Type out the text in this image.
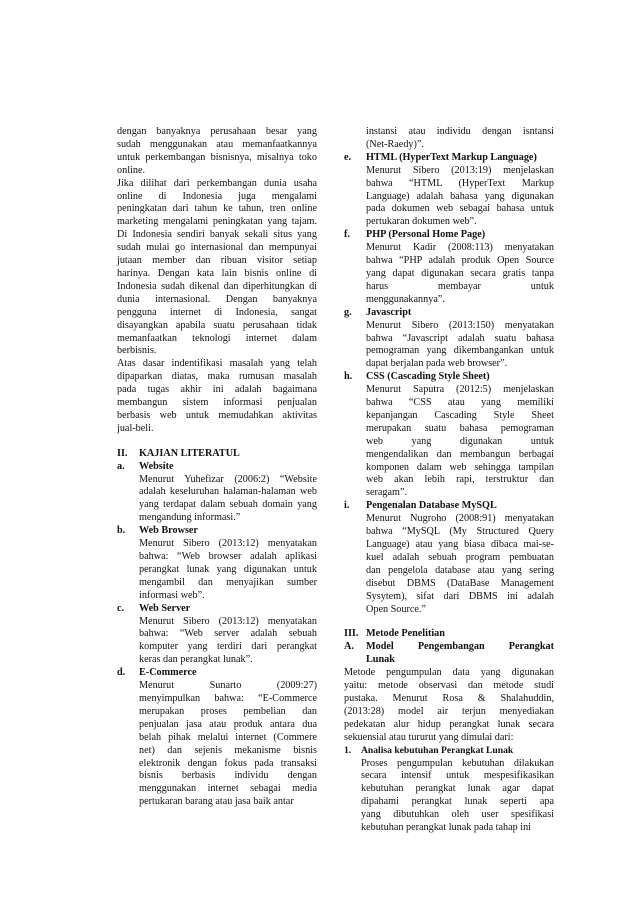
dengan banyaknya perusahaan besar yang

sudah menggunakan atau memanfaatkannya

untuk perkembangan bisnisnya, misalnya toko

online.

Jika dilihat dari perkembangan dunia usaha

online di Indonesia juga mengalami

peningkatan dari tahun ke tahun, tren online

marketing mengalami peningkatan yang tajam.

Di Indonesia sendiri banyak sekali situs yang

sudah mulai go internasional dan mempunyai

jutaan member dan ribuan visitor setiap

harinya. Dengan kata lain bisnis online di

Indonesia sudah dikenal dan diperhitungkan di

dunia internasional. Dengan banyaknya

pengguna internet di Indonesia, sangat

disayangkan apabila suatu perusahaan tidak

memanfaatkan teknologi internet dalam

berbisnis.

Atas dasar indentifikasi masalah yang telah

dipaparkan diatas, maka rumusan masalah

pada tugas akhir ini adalah bagaimana

membangun sistem informasi penjualan

berbasis web untuk memudahkan aktivitas

jual-beli.

II.	KAJIAN LITERATUL
a.	Website

Menurut Yuhefizar (2006:2) “Website

adalah keseluruhan halaman-halaman web

yang terdapat dalam sebuah domain yang

mengandung informasi.”

b.	Web Browser

Menurut Sibero (2013:12) menyatakan

bahwa: “Web browser adalah aplikasi

perangkat lunak yang digunakan untuk

mengambil dan menyajikan sumber

informasi web”.

c.	Web Server

Menurut Sibero (2013:12) menyatakan

bahwa: “Web server adalah sebuah

komputer yang terdiri dari perangkat

keras dan perangkat lunak”.

d.	E-Commerce

Menurut Sunarto (2009:27)

menyimpulkan bahwa: “E-Commerce

merupakan proses pembelian dan

penjualan jasa atau produk antara dua

belah pihak melalui internet (Commere

net) dan sejenis mekanisme bisnis

elektronik dengan fokus pada transaksi

bisnis berbasis individu dengan

menggunakan internet sebagai media

pertukaran barang atau jasa baik antar

instansi atau individu dengan isntansi

(Net-Raedy)”.

e.	HTML (HyperText Markup Language)

Menurut Sibero (2013:19) menjelaskan

bahwa “HTML (HyperText Markup

Language) adalah bahasa yang digunakan

pada dokumen web sebagai bahasa untuk

pertukaran dokumen web”.

f.	PHP (Personal Home Page)

Menurut Kadir (2008:113) menyatakan

bahwa “PHP adalah produk Open Source

yang dapat digunakan secara gratis tanpa

harus membayar untuk

menggunakannya”.

g.	Javascript

Menurut Sibero (2013:150) menyatakan

bahwa “Javascript adalah suatu bahasa

pemograman yang dikembangankan untuk

dapat berjalan pada web browser”.

h.	CSS (Cascading Style Sheet)

Menurut Saputra (2012:5) menjelaskan

bahwa “CSS atau yang memiliki

kepanjangan Cascading Style Sheet

merupakan suatu bahasa pemograman

web yang digunakan untuk

mengendalikan dan membangun berbagai

komponen dalam web sehingga tampilan

web akan lebih rapi, terstruktur dan

seragam”.

i.	Pengenalan Database MySQL

Menurut Nugroho (2008:91) menyatakan

bahwa “MySQL (My Structured Query

Language) atau yang biasa dibaca mai-se-

kuel adalah sebuah program pembuatan

dan pengelola database atau yang sering

disebut DBMS (DataBase Management

Sysytem), sifat dari DBMS ini adalah

Open Source.”

III. Metode Penelitian
A.	Model Pengembangan Perangkat

Lunak

Metode pengumpulan data yang digunakan

yaitu: metode observasi dan metode studi

pustaka. Menurut Rosa & Shalahuddin,

(2013:28) model air terjun menyediakan

pedekatan alur hidup perangkat lunak secara

sekuensial atau tururut yang dimulai dari:

1.	Analisa kebutuhan Perangkat Lunak

Proses pengumpulan kebutuhan dilakukan

secara intensif untuk mespesifikasikan

kebutuhan perangkat lunak agar dapat

dipahami perangkat lunak seperti apa

yang dibutuhkan oleh user spesifikasi

kebutuhan perangkat lunak pada tahap ini
